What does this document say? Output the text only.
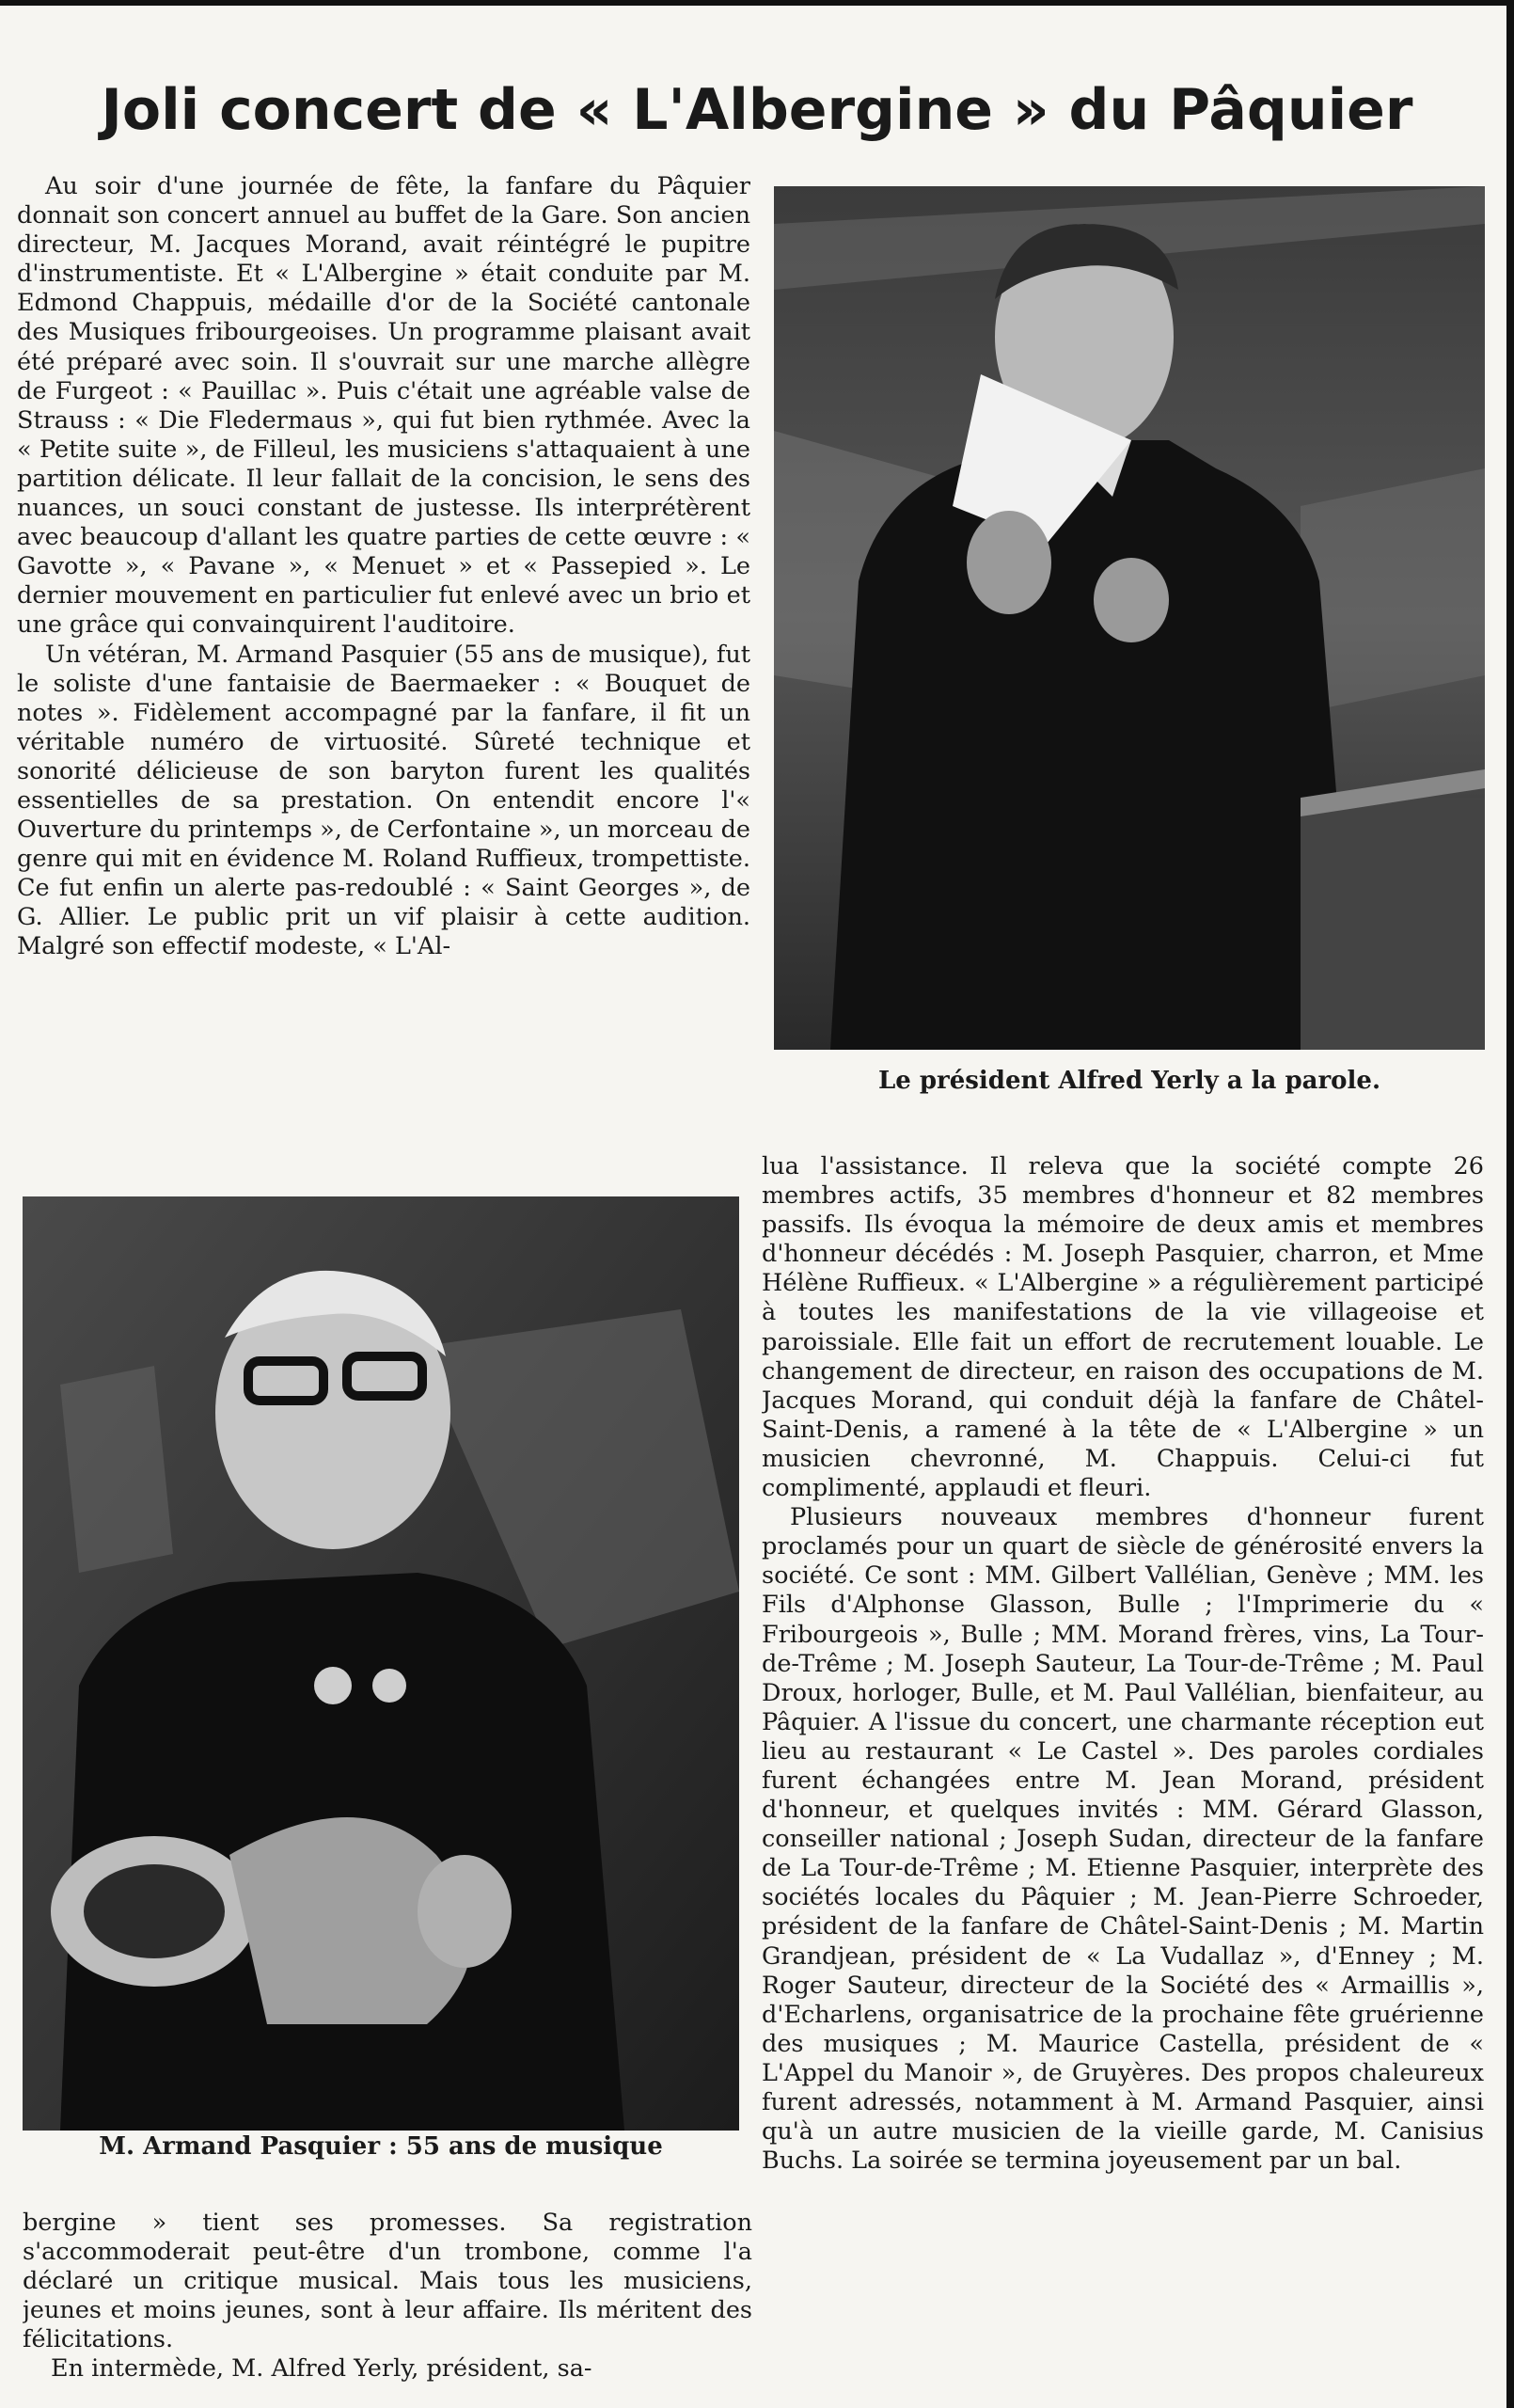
Joli concert de « L'Albergine » du Pâquier

Au soir d'une journée de fête, la fanfare du Pâquier donnait son concert annuel au buffet de la Gare. Son ancien directeur, M. Jacques Morand, avait réintégré le pupitre d'instrumentiste. Et « L'Albergine » était conduite par M. Edmond Chappuis, médaille d'or de la Société cantonale des Musiques fribourgeoises. Un programme plaisant avait été préparé avec soin. Il s'ouvrait sur une marche allègre de Furgeot : « Pauillac ». Puis c'était une agréable valse de Strauss : « Die Fledermaus », qui fut bien rythmée. Avec la « Petite suite », de Filleul, les musiciens s'attaquaient à une partition délicate. Il leur fallait de la concision, le sens des nuances, un souci constant de justesse. Ils interprétèrent avec beaucoup d'allant les quatre parties de cette œuvre : « Gavotte », « Pavane », « Menuet » et « Passepied ». Le dernier mouvement en particulier fut enlevé avec un brio et une grâce qui convainquirent l'auditoire.

Un vétéran, M. Armand Pasquier (55 ans de musique), fut le soliste d'une fantaisie de Baermaeker : « Bouquet de notes ». Fidèlement accompagné par la fanfare, il fit un véritable numéro de virtuosité. Sûreté technique et sonorité délicieuse de son baryton furent les qualités essentielles de sa prestation. On entendit encore l'« Ouverture du printemps », de Cerfontaine », un morceau de genre qui mit en évidence M. Roland Ruffieux, trompettiste. Ce fut enfin un alerte pas-redoublé : « Saint Georges », de G. Allier. Le public prit un vif plaisir à cette audition. Malgré son effectif modeste, « L'Al-

Le président Alfred Yerly a la parole.

M. Armand Pasquier : 55 ans de musique

bergine » tient ses promesses. Sa registration s'accommoderait peut-être d'un trombone, comme l'a déclaré un critique musical. Mais tous les musiciens, jeunes et moins jeunes, sont à leur affaire. Ils méritent des félicitations.

En intermède, M. Alfred Yerly, président, sa-

lua l'assistance. Il releva que la société compte 26 membres actifs, 35 membres d'honneur et 82 membres passifs. Ils évoqua la mémoire de deux amis et membres d'honneur décédés : M. Joseph Pasquier, charron, et Mme Hélène Ruffieux. « L'Albergine » a régulièrement participé à toutes les manifestations de la vie villageoise et paroissiale. Elle fait un effort de recrutement louable. Le changement de directeur, en raison des occupations de M. Jacques Morand, qui conduit déjà la fanfare de Châtel-Saint-Denis, a ramené à la tête de « L'Albergine » un musicien chevronné, M. Chappuis. Celui-ci fut complimenté, applaudi et fleuri.

Plusieurs nouveaux membres d'honneur furent proclamés pour un quart de siècle de générosité envers la société. Ce sont : MM. Gilbert Vallélian, Genève ; MM. les Fils d'Alphonse Glasson, Bulle ; l'Imprimerie du « Fribourgeois », Bulle ; MM. Morand frères, vins, La Tour-de-Trême ; M. Joseph Sauteur, La Tour-de-Trême ; M. Paul Droux, horloger, Bulle, et M. Paul Vallélian, bienfaiteur, au Pâquier. A l'issue du concert, une charmante réception eut lieu au restaurant « Le Castel ». Des paroles cordiales furent échangées entre M. Jean Morand, président d'honneur, et quelques invités : MM. Gérard Glasson, conseiller national ; Joseph Sudan, directeur de la fanfare de La Tour-de-Trême ; M. Etienne Pasquier, interprète des sociétés locales du Pâquier ; M. Jean-Pierre Schroeder, président de la fanfare de Châtel-Saint-Denis ; M. Martin Grandjean, président de « La Vudallaz », d'Enney ; M. Roger Sauteur, directeur de la Société des « Armaillis », d'Echarlens, organisatrice de la prochaine fête gruérienne des musiques ; M. Maurice Castella, président de « L'Appel du Manoir », de Gruyères. Des propos chaleureux furent adressés, notamment à M. Armand Pasquier, ainsi qu'à un autre musicien de la vieille garde, M. Canisius Buchs. La soirée se termina joyeusement par un bal.
